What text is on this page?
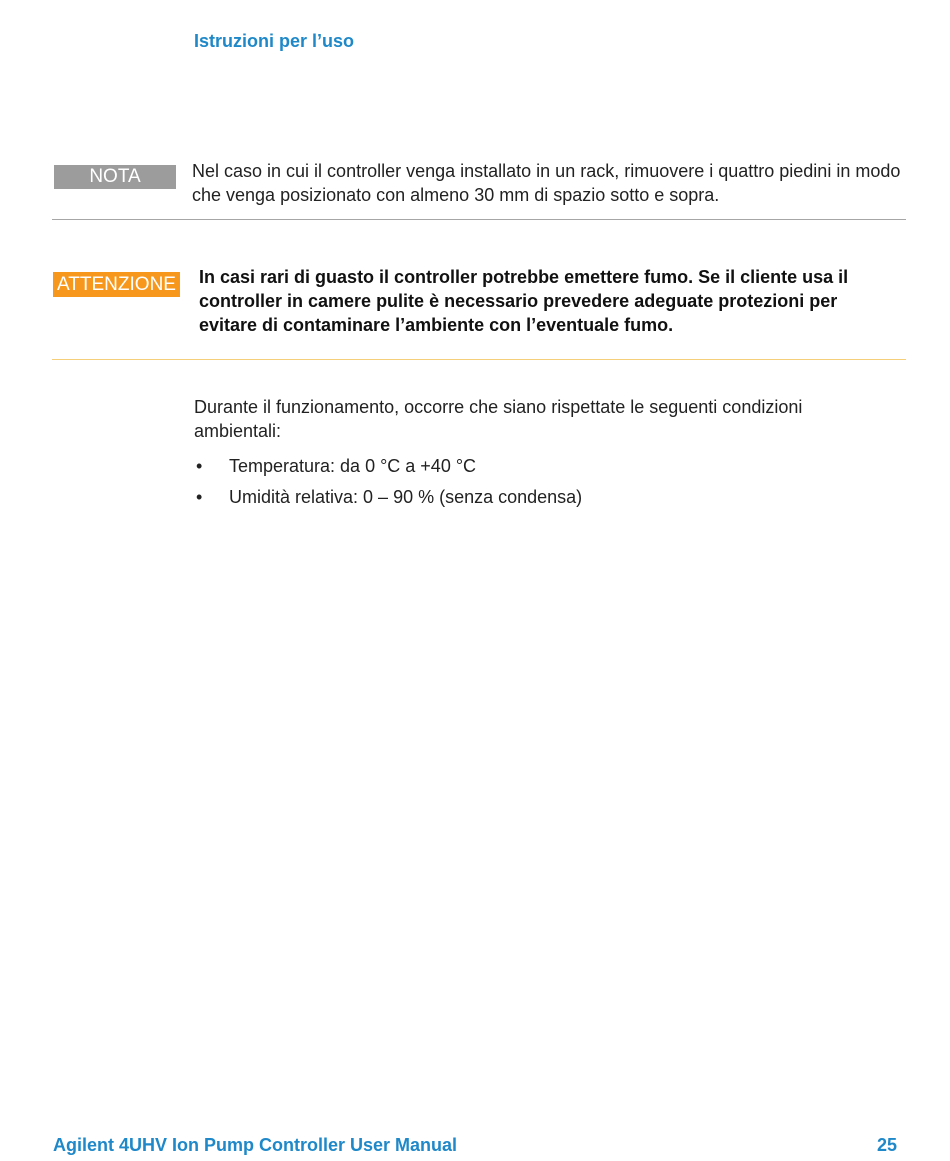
Istruzioni per l’uso
NOTA	Nel caso in cui il controller venga installato in un rack, rimuovere i quattro piedini in modo che venga posizionato con almeno 30 mm di spazio sotto e sopra.
ATTENZIONE In casi rari di guasto il controller potrebbe emettere fumo. Se il cliente usa il controller in camere pulite è necessario prevedere adeguate protezioni per evitare di contaminare l’ambiente con l’eventuale fumo.
Durante il funzionamento, occorre che siano rispettate le seguenti condizioni ambientali:
• Temperatura: da 0 °C a +40 °C
• Umidità relativa: 0 – 90 % (senza condensa)
Agilent 4UHV Ion Pump Controller User Manual	25
